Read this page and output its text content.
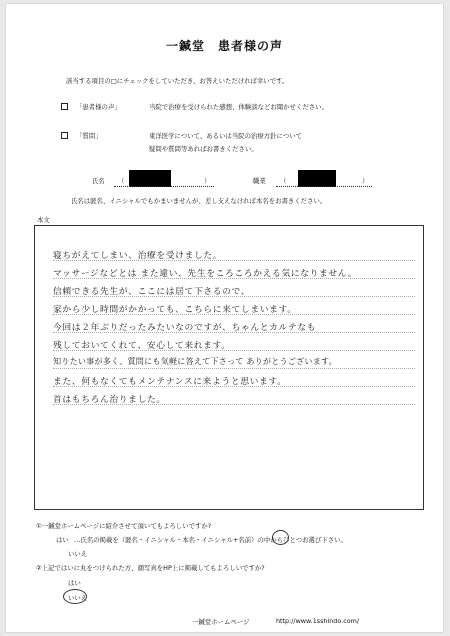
一鍼堂　患者様の声
該当する項目の□にチェックをしていただき、お答えいただければ幸いです。
「患者様の声」	当院で治療を受けられた感想、体験談などお聞かせください。
「質問」	東洋医学について、あるいは当院の治療方針について
疑問や質問等あればお書きください。
氏名 （	）	職業 （	）
氏名は匿名、イニシャルでもかまいませんが、差し支えなければ本名をお書きください。
本文
寝ちがえてしまい、治療を受けました。
マッサージなどとは また違い、先生をころころかえる気になりません。
信頼できる先生が、ここには居て下さるので、
家から少し時間がかかっても、こちらに来てしまいます。
今回は２年ぶりだったみたいなのですが、ちゃんとカルテなも
残しておいてくれて、安心して来れます。
知りたい事が多く、質問にも気軽に答えて下さって ありがとうございます。
また、何もなくてもメンテナンスに来ようと思います。
首はもちろん治りました。
①一鍼堂ホームページに紹介させて頂いてもよろしいですか?
はい …氏名の掲載を（匿名・イニシャル・本名・イニシャル+名前）の中からひとつお選び下さい。
いいえ
②上記ではいに丸をつけられた方、顔写真をHP上に掲載してもよろしいですか?
はい
いいえ
一鍼堂ホームページ	http://www.1sshindo.com/
